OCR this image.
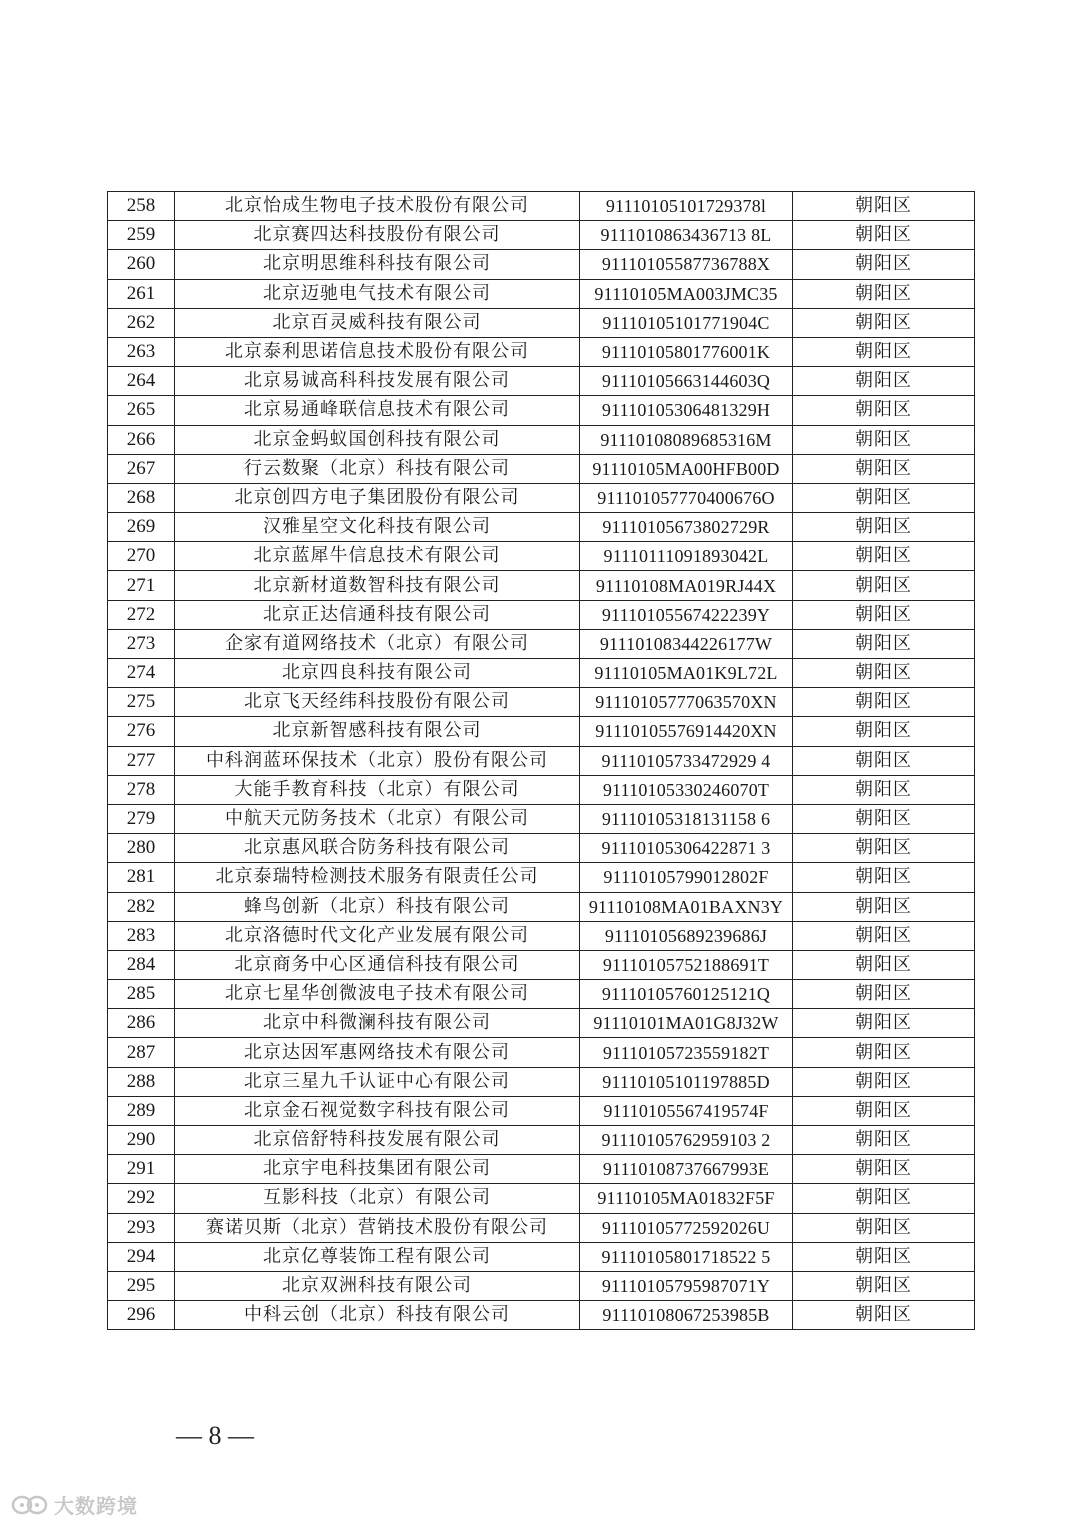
258	北京怡成生物电子技术股份有限公司	91110105101729378l	朝阳区
259	北京赛四达科技股份有限公司	9111010863436713 8L	朝阳区
260	北京明思维科科技有限公司	91110105587736788X	朝阳区
261	北京迈驰电气技术有限公司	91110105MA003JMC35	朝阳区
262	北京百灵威科技有限公司	91110105101771904C	朝阳区
263	北京泰利思诺信息技术股份有限公司	91110105801776001K	朝阳区
264	北京易诚高科科技发展有限公司	91110105663144603Q	朝阳区
265	北京易通峰联信息技术有限公司	91110105306481329H	朝阳区
266	北京金蚂蚁国创科技有限公司	91110108089685316M	朝阳区
267	行云数聚（北京）科技有限公司	91110105MA00HFB00D	朝阳区
268	北京创四方电子集团股份有限公司	911101057770400676O	朝阳区
269	汉雅星空文化科技有限公司	91110105673802729R	朝阳区
270	北京蓝犀牛信息技术有限公司	91110111091893042L	朝阳区
271	北京新材道数智科技有限公司	91110108MA019RJ44X	朝阳区
272	北京正达信通科技有限公司	91110105567422239Y	朝阳区
273	企家有道网络技术（北京）有限公司	91110108344226177W	朝阳区
274	北京四良科技有限公司	91110105MA01K9L72L	朝阳区
275	北京飞天经纬科技股份有限公司	91110105777063570XN	朝阳区
276	北京新智感科技有限公司	91110105576914420XN	朝阳区
277	中科润蓝环保技术（北京）股份有限公司	91110105733472929 4	朝阳区
278	大能手教育科技（北京）有限公司	91110105330246070T	朝阳区
279	中航天元防务技术（北京）有限公司	91110105318131158 6	朝阳区
280	北京惠风联合防务科技有限公司	91110105306422871 3	朝阳区
281	北京泰瑞特检测技术服务有限责任公司	91110105799012802F	朝阳区
282	蜂鸟创新（北京）科技有限公司	91110108MA01BAXN3Y	朝阳区
283	北京洛德时代文化产业发展有限公司	91110105689239686J	朝阳区
284	北京商务中心区通信科技有限公司	91110105752188691T	朝阳区
285	北京七星华创微波电子技术有限公司	91110105760125121Q	朝阳区
286	北京中科微澜科技有限公司	91110101MA01G8J32W	朝阳区
287	北京达因军惠网络技术有限公司	91110105723559182T	朝阳区
288	北京三星九千认证中心有限公司	91110105101197885D	朝阳区
289	北京金石视觉数字科技有限公司	91110105567419574F	朝阳区
290	北京倍舒特科技发展有限公司	91110105762959103 2	朝阳区
291	北京宇电科技集团有限公司	91110108737667993E	朝阳区
292	互影科技（北京）有限公司	91110105MA01832F5F	朝阳区
293	赛诺贝斯（北京）营销技术股份有限公司	91110105772592026U	朝阳区
294	北京亿尊装饰工程有限公司	91110105801718522 5	朝阳区
295	北京双洲科技有限公司	91110105795987071Y	朝阳区
296	中科云创（北京）科技有限公司	91110108067253985B	朝阳区
— 8 —
大数跨境
